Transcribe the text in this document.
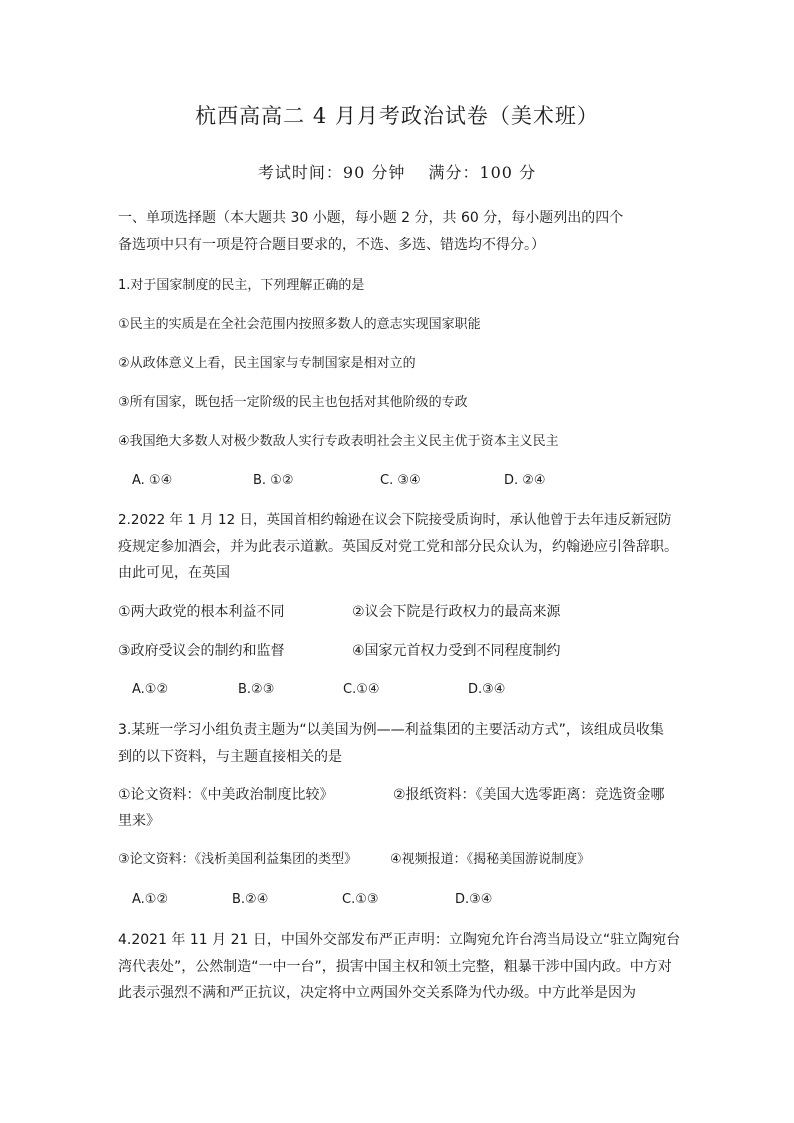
杭西高高二 4 月月考政治试卷（美术班）
考试时间：90 分钟　 满分：100 分
一、单项选择题（本大题共 30 小题，每小题 2 分，共 60 分，每小题列出的四个
备选项中只有一项是符合题目要求的，不选、多选、错选均不得分。）
1.对于国家制度的民主，下列理解正确的是
①民主的实质是在全社会范围内按照多数人的意志实现国家职能
②从政体意义上看，民主国家与专制国家是相对立的
③所有国家，既包括一定阶级的民主也包括对其他阶级的专政
④我国绝大多数人对极少数敌人实行专政表明社会主义民主优于资本主义民主
A. ①④	B. ①②	C. ③④	D. ②④
2.2022 年 1 月 12 日，英国首相约翰逊在议会下院接受质询时，承认他曾于去年违反新冠防
疫规定参加酒会，并为此表示道歉。英国反对党工党和部分民众认为，约翰逊应引咎辞职。
由此可见，在英国
①两大政党的根本利益不同	②议会下院是行政权力的最高来源
③政府受议会的制约和监督	④国家元首权力受到不同程度制约
A.①②	B.②③	C.①④	D.③④
3.某班一学习小组负责主题为“以美国为例——利益集团的主要活动方式”，该组成员收集
到的以下资料，与主题直接相关的是
①论文资料：《中美政治制度比较》	②报纸资料：《美国大选零距离：竞选资金哪
里来》
③论文资料：《浅析美国利益集团的类型》	④视频报道：《揭秘美国游说制度》
A.①②	B.②④	C.①③	D.③④
4.2021 年 11 月 21 日，中国外交部发布严正声明：立陶宛允许台湾当局设立“驻立陶宛台
湾代表处”，公然制造“一中一台”，损害中国主权和领土完整，粗暴干涉中国内政。中方对
此表示强烈不满和严正抗议，决定将中立两国外交关系降为代办级。中方此举是因为
